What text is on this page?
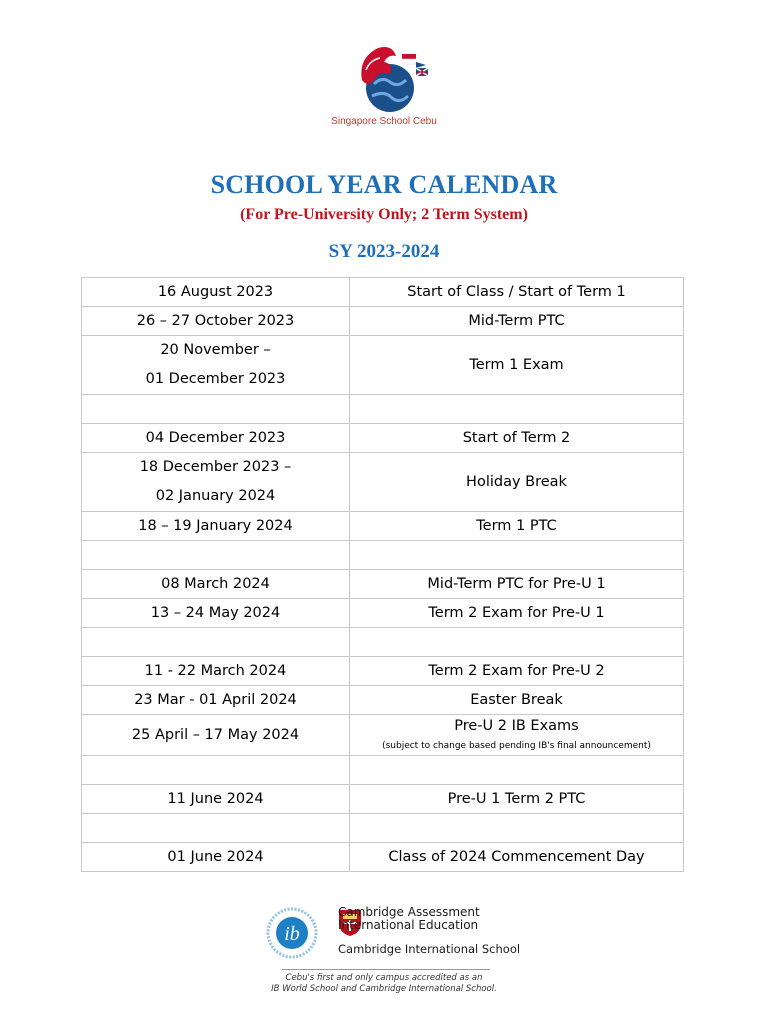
Singapore School Cebu
SCHOOL YEAR CALENDAR
(For Pre-University Only; 2 Term System)
SY 2023-2024
16 August 2023	Start of Class / Start of Term 1
26 – 27 October 2023	Mid-Term PTC

20 November –
01 December 2023	Term 1 Exam

04 December 2023	Start of Term 2

18 December 2023 –
02 January 2024	Holiday Break
18 – 19 January 2024	Term 1 PTC

08 March 2024	Mid-Term PTC for Pre-U 1
13 – 24 May 2024	Term 2 Exam for Pre-U 1

11 - 22 March 2024	Term 2 Exam for Pre-U 2
23 Mar - 01 April 2024	Easter Break
25 April – 17 May 2024	Pre-U 2 IB Exams
(subject to change based pending IB's final announcement)

11 June 2024	Pre-U 1 Term 2 PTC

01 June 2024	Class of 2024 Commencement Day
ib
Cambridge Assessment
International Education
Cambridge International School
Cebu's first and only campus accredited as an
IB World School and Cambridge International School.
